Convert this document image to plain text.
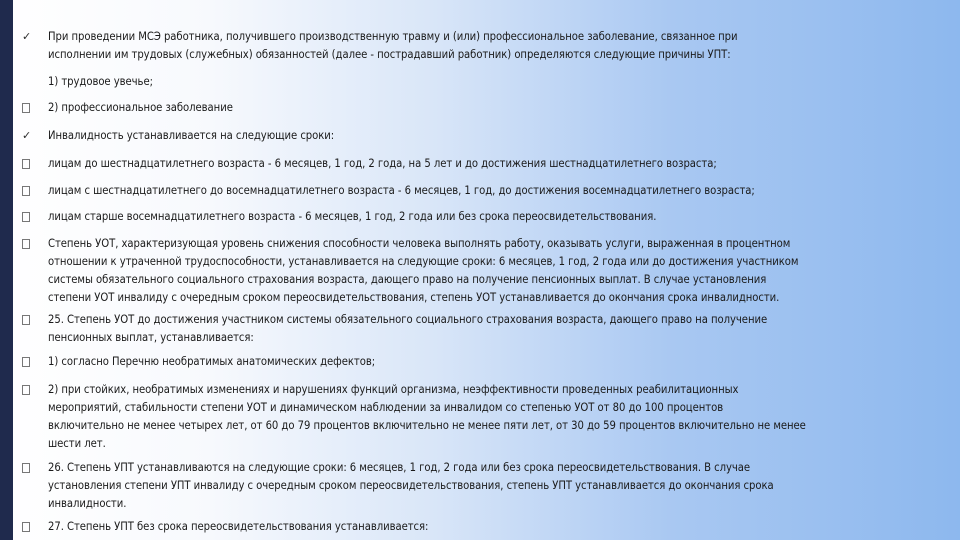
✓	При проведении МСЭ работника, получившего производственную травму и (или) профессиональное заболевание, связанное при
исполнении им трудовых (служебных) обязанностей (далее - пострадавший работник) определяются следующие причины УПТ:
1) трудовое увечье;
2) профессиональное заболевание
✓	Инвалидность устанавливается на следующие сроки:
лицам до шестнадцатилетнего возраста - 6 месяцев, 1 год, 2 года, на 5 лет и до достижения шестнадцатилетнего возраста;
лицам с шестнадцатилетнего до восемнадцатилетнего возраста - 6 месяцев, 1 год, до достижения восемнадцатилетнего возраста;
лицам старше восемнадцатилетнего возраста - 6 месяцев, 1 год, 2 года или без срока переосвидетельствования.
Степень УОТ, характеризующая уровень снижения способности человека выполнять работу, оказывать услуги, выраженная в процентном
отношении к утраченной трудоспособности, устанавливается на следующие сроки: 6 месяцев, 1 год, 2 года или до достижения участником
системы обязательного социального страхования возраста, дающего право на получение пенсионных выплат. В случае установления
степени УОТ инвалиду с очередным сроком переосвидетельствования, степень УОТ устанавливается до окончания срока инвалидности.
25. Степень УОТ до достижения участником системы обязательного социального страхования возраста, дающего право на получение
пенсионных выплат, устанавливается:
1) согласно Перечню необратимых анатомических дефектов;
2) при стойких, необратимых изменениях и нарушениях функций организма, неэффективности проведенных реабилитационных
мероприятий, стабильности степени УОТ и динамическом наблюдении за инвалидом со степенью УОТ от 80 до 100 процентов
включительно не менее четырех лет, от 60 до 79 процентов включительно не менее пяти лет, от 30 до 59 процентов включительно не менее
шести лет.
26. Степень УПТ устанавливаются на следующие сроки: 6 месяцев, 1 год, 2 года или без срока переосвидетельствования. В случае
установления степени УПТ инвалиду с очередным сроком переосвидетельствования, степень УПТ устанавливается до окончания срока
инвалидности.
27. Степень УПТ без срока переосвидетельствования устанавливается:
